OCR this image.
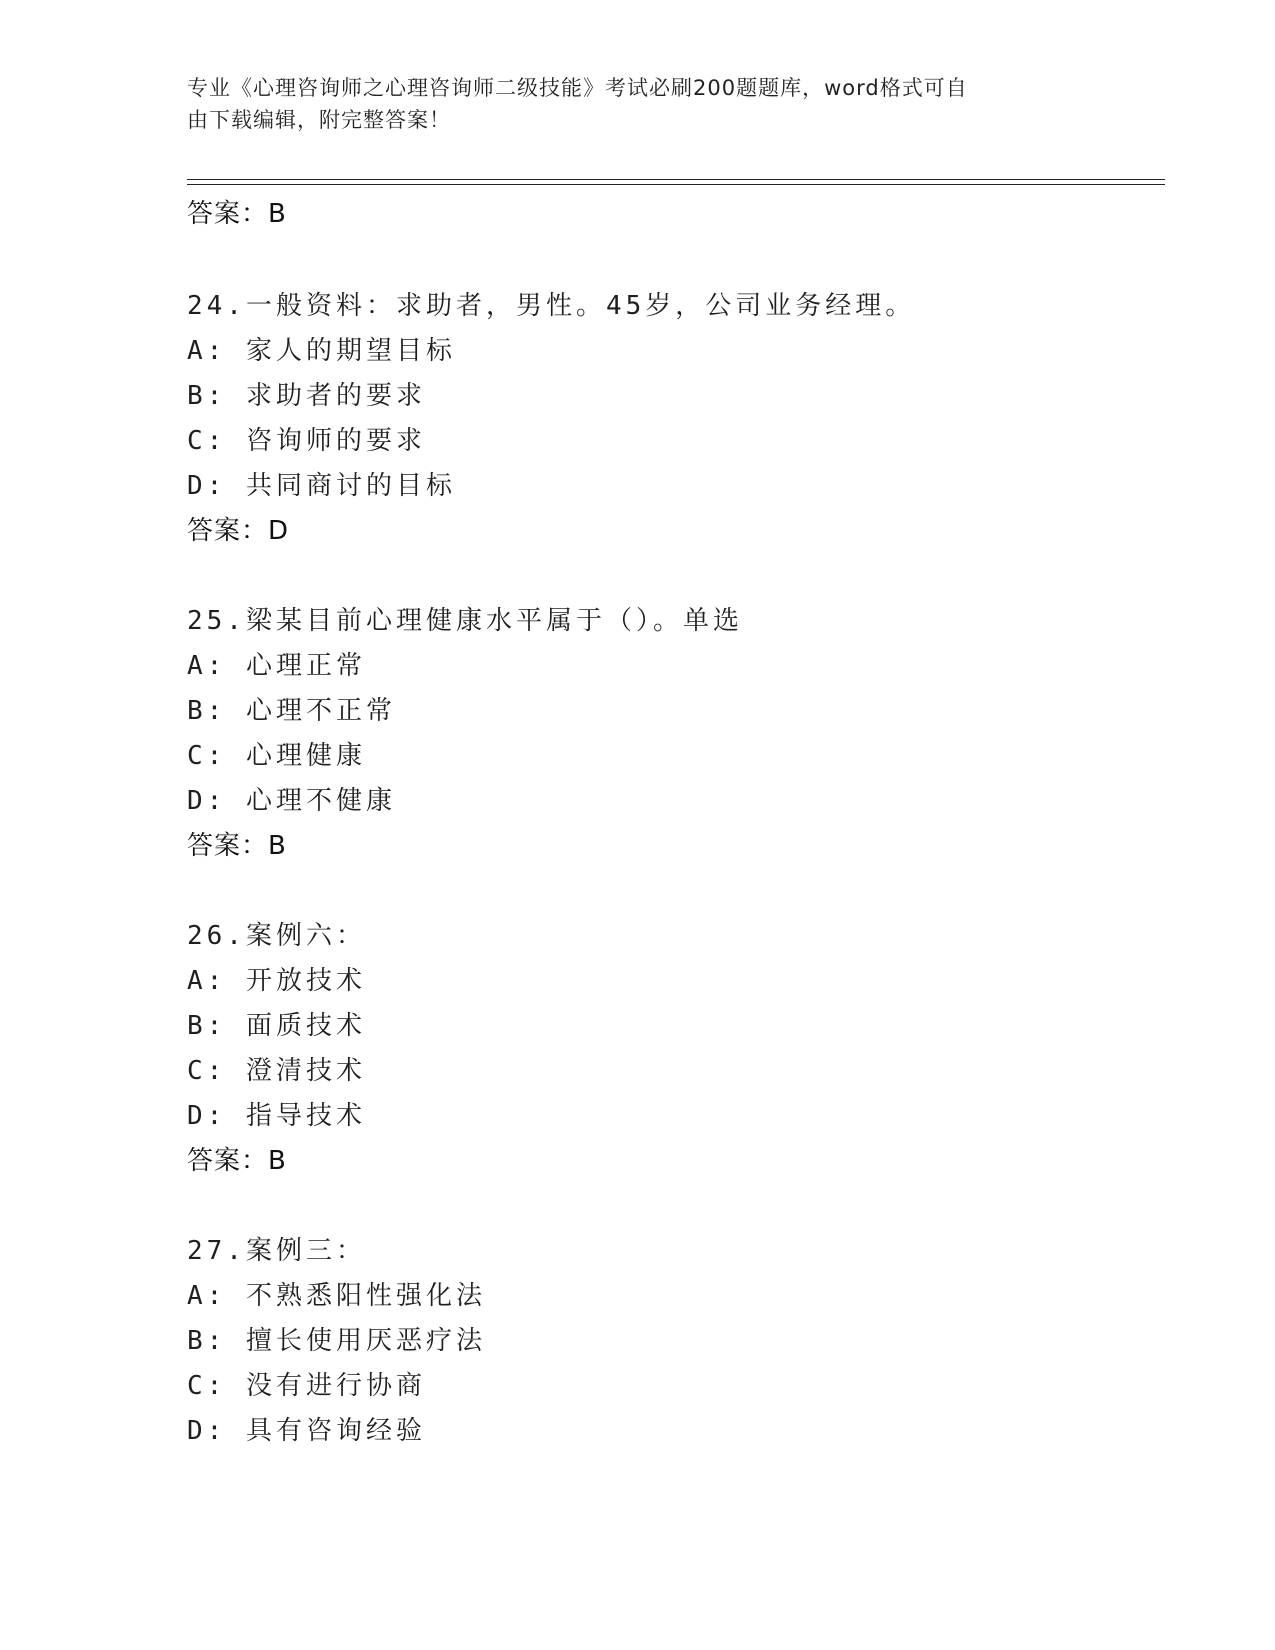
专业《心理咨询师之心理咨询师二级技能》考试必刷200题题库，word格式可自
由下载编辑，附完整答案！
答案：B
24.一般资料：求助者，男性。45岁，公司业务经理。
A: 家人的期望目标
B: 求助者的要求
C: 咨询师的要求
D: 共同商讨的目标
答案：D
25.梁某目前心理健康水平属于（）。单选
A: 心理正常
B: 心理不正常
C: 心理健康
D: 心理不健康
答案：B
26.案例六：
A: 开放技术
B: 面质技术
C: 澄清技术
D: 指导技术
答案：B
27.案例三：
A: 不熟悉阳性强化法
B: 擅长使用厌恶疗法
C: 没有进行协商
D: 具有咨询经验
